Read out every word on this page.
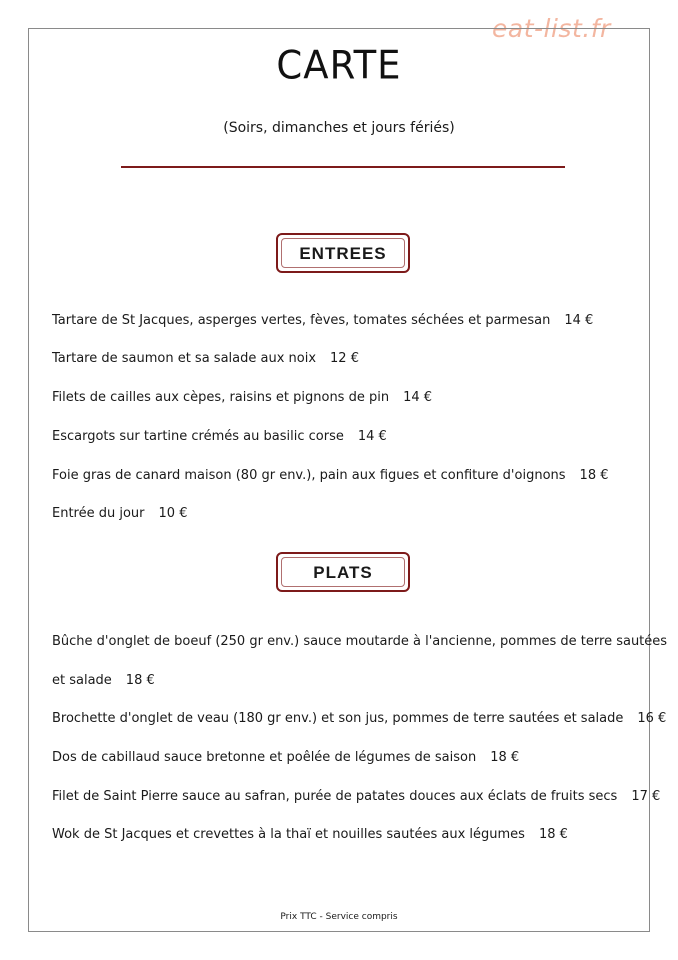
eat-list.fr
CARTE
(Soirs, dimanches et jours fériés)
ENTREES
Tartare de St Jacques, asperges vertes, fèves, tomates séchées et parmesan 14 €
Tartare de saumon et sa salade aux noix 12 €
Filets de cailles aux cèpes, raisins et pignons de pin 14 €
Escargots sur tartine crémés au basilic corse 14 €
Foie gras de canard maison (80 gr env.), pain aux figues et confiture d'oignons 18 €
Entrée du jour 10 €
PLATS
Bûche d'onglet de boeuf (250 gr env.) sauce moutarde à l'ancienne, pommes de terre sautées
et salade 18 €
Brochette d'onglet de veau (180 gr env.) et son jus, pommes de terre sautées et salade 16 €
Dos de cabillaud sauce bretonne et poêlée de légumes de saison 18 €
Filet de Saint Pierre sauce au safran, purée de patates douces aux éclats de fruits secs 17 €
Wok de St Jacques et crevettes à la thaï et nouilles sautées aux légumes 18 €
Prix TTC - Service compris
